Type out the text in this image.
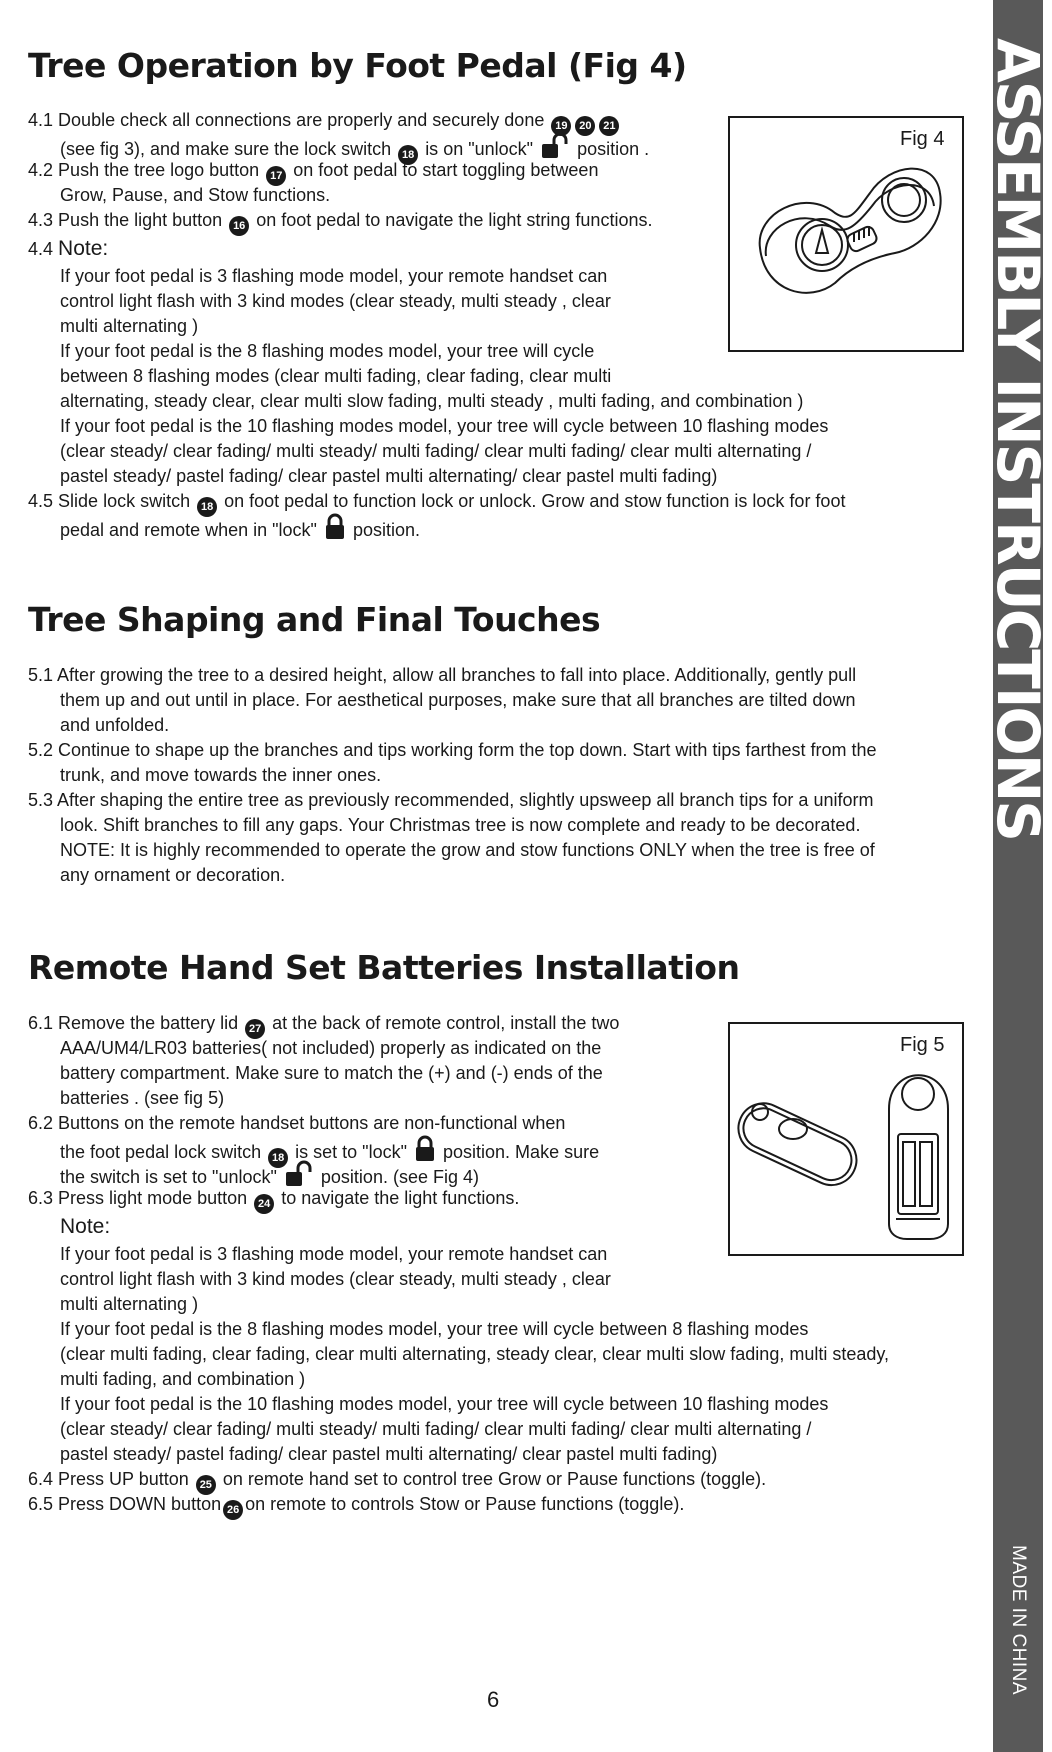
Tree Operation by Foot Pedal (Fig 4)
4.1 Double check all connections are properly and securely done 19 20 21
(see fig 3), and make sure the lock switch 18 is on "unlock" position .
4.2 Push the tree logo button 17 on foot pedal to start toggling between
Grow, Pause, and Stow functions.
4.3 Push the light button 16 on foot pedal to navigate the light string functions.
4.4 Note:
If your foot pedal is 3 flashing mode model, your remote handset can
control light flash with 3 kind modes (clear steady, multi steady , clear
multi alternating )
If your foot pedal is the 8 flashing modes model, your tree will cycle
between 8 flashing modes (clear multi fading, clear fading, clear multi
alternating, steady clear, clear multi slow fading, multi steady , multi fading, and combination )
If your foot pedal is the 10 flashing modes model, your tree will cycle between 10 flashing modes
(clear steady/ clear fading/ multi steady/ multi fading/ clear multi fading/ clear multi alternating /
pastel steady/ pastel fading/ clear pastel multi alternating/ clear pastel multi fading)
4.5 Slide lock switch 18 on foot pedal to function lock or unlock. Grow and stow function is lock for foot
pedal and remote when in "lock" position.
Fig 4
Tree Shaping and Final Touches
5.1 After growing the tree to a desired height, allow all branches to fall into place. Additionally, gently pull
them up and out until in place. For aesthetical purposes, make sure that all branches are tilted down
and unfolded.
5.2 Continue to shape up the branches and tips working form the top down. Start with tips farthest from the
trunk, and move towards the inner ones.
5.3 After shaping the entire tree as previously recommended, slightly upsweep all branch tips for a uniform
look. Shift branches to fill any gaps. Your Christmas tree is now complete and ready to be decorated.
NOTE: It is highly recommended to operate the grow and stow functions ONLY when the tree is free of
any ornament or decoration.
Remote Hand Set Batteries Installation
6.1 Remove the battery lid 27 at the back of remote control, install the two
AAA/UM4/LR03 batteries( not included) properly as indicated on the
battery compartment. Make sure to match the (+) and (-) ends of the
batteries . (see fig 5)
6.2 Buttons on the remote handset buttons are non-functional when
the foot pedal lock switch 18 is set to "lock" position. Make sure
the switch is set to "unlock" position. (see Fig 4)
6.3 Press light mode button 24 to navigate the light functions.
Note:
If your foot pedal is 3 flashing mode model, your remote handset can
control light flash with 3 kind modes (clear steady, multi steady , clear
multi alternating )
If your foot pedal is the 8 flashing modes model, your tree will cycle between 8 flashing modes
(clear multi fading, clear fading, clear multi alternating, steady clear, clear multi slow fading, multi steady,
multi fading, and combination )
If your foot pedal is the 10 flashing modes model, your tree will cycle between 10 flashing modes
(clear steady/ clear fading/ multi steady/ multi fading/ clear multi fading/ clear multi alternating /
pastel steady/ pastel fading/ clear pastel multi alternating/ clear pastel multi fading)
6.4 Press UP button 25 on remote hand set to control tree Grow or Pause functions (toggle).
6.5 Press DOWN button 26 on remote to controls Stow or Pause functions (toggle).
Fig 5
6
ASSEMBLY INSTRUCTIONS
MADE IN CHINA
